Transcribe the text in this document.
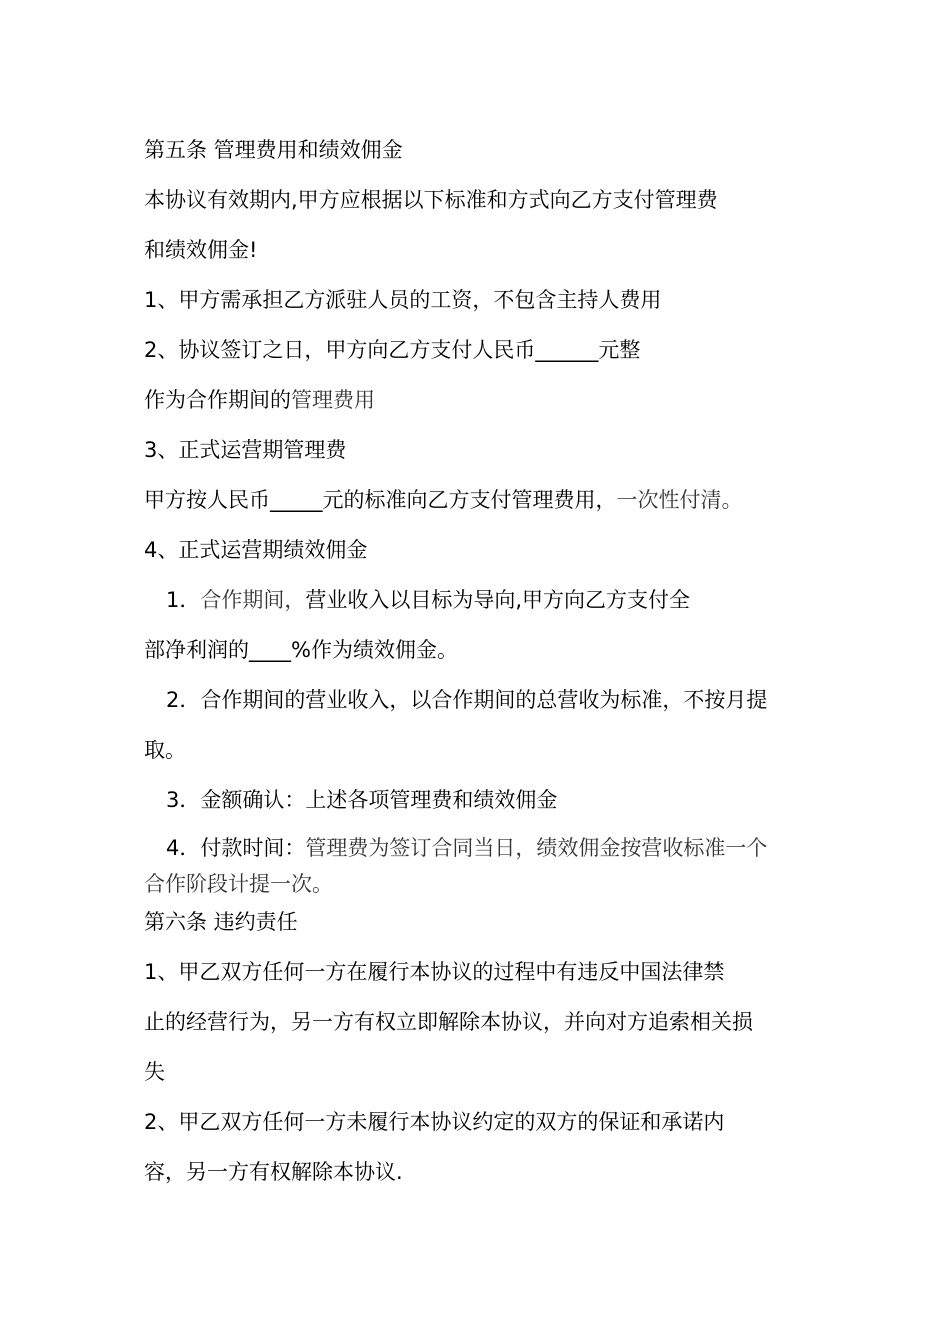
第五条 管理费用和绩效佣金
本协议有效期内,甲方应根据以下标准和方式向乙方支付管理费
和绩效佣金!
1、甲方需承担乙方派驻人员的工资，不包含主持人费用
2、协议签订之日，甲方向乙方支付人民币______元整
作为合作期间的管理费用
3、正式运营期管理费
甲方按人民币_____元的标准向乙方支付管理费用，一次性付清。
4、正式运营期绩效佣金
1．合作期间，营业收入以目标为导向,甲方向乙方支付全
部净利润的____%作为绩效佣金。
2．合作期间的营业收入，以合作期间的总营收为标准，不按月提
取。
3．金额确认：上述各项管理费和绩效佣金
4．付款时间：管理费为签订合同当日，绩效佣金按营收标准一个
合作阶段计提一次。
第六条 违约责任
1、甲乙双方任何一方在履行本协议的过程中有违反中国法律禁
止的经营行为，另一方有权立即解除本协议，并向对方追索相关损
失
2、甲乙双方任何一方未履行本协议约定的双方的保证和承诺内
容，另一方有权解除本协议.
